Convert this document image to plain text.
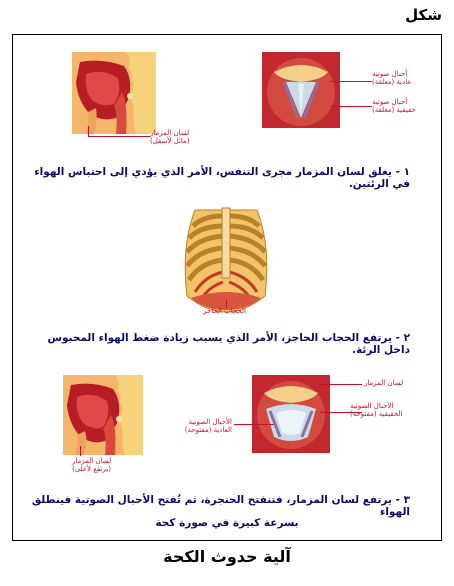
شكل
لسان المزمار
(مائل لأسفل)
أحبال صوتية
عادية (مغلقة)
أحبال صوتية
حقيقية (مغلقة)
١ - يغلق لسان المزمار مجرى التنفس، الأمر الذي يؤدي إلى احتباس الهواء في الرئتين.
الحجاب الحاجز
٢ - يرتفع الحجاب الحاجز، الأمر الذي يسبب زيادة ضغط الهواء المحبوس داخل الرئة.
لسان المزمار
(يرتفع لأعلى)
لسان المزمار
الأحبال الصوتية
الحقيقية (مفتوحة)
الأحبال الصوتية
العادية (مفتوحة)
٣ - يرتفع لسان المزمار، فتنفتح الحنجرة، ثم تُفتح الأحبال الصوتية فينطلق الهواء
بسرعة كبيرة في صورة كحة
آلية حدوث الكحة
